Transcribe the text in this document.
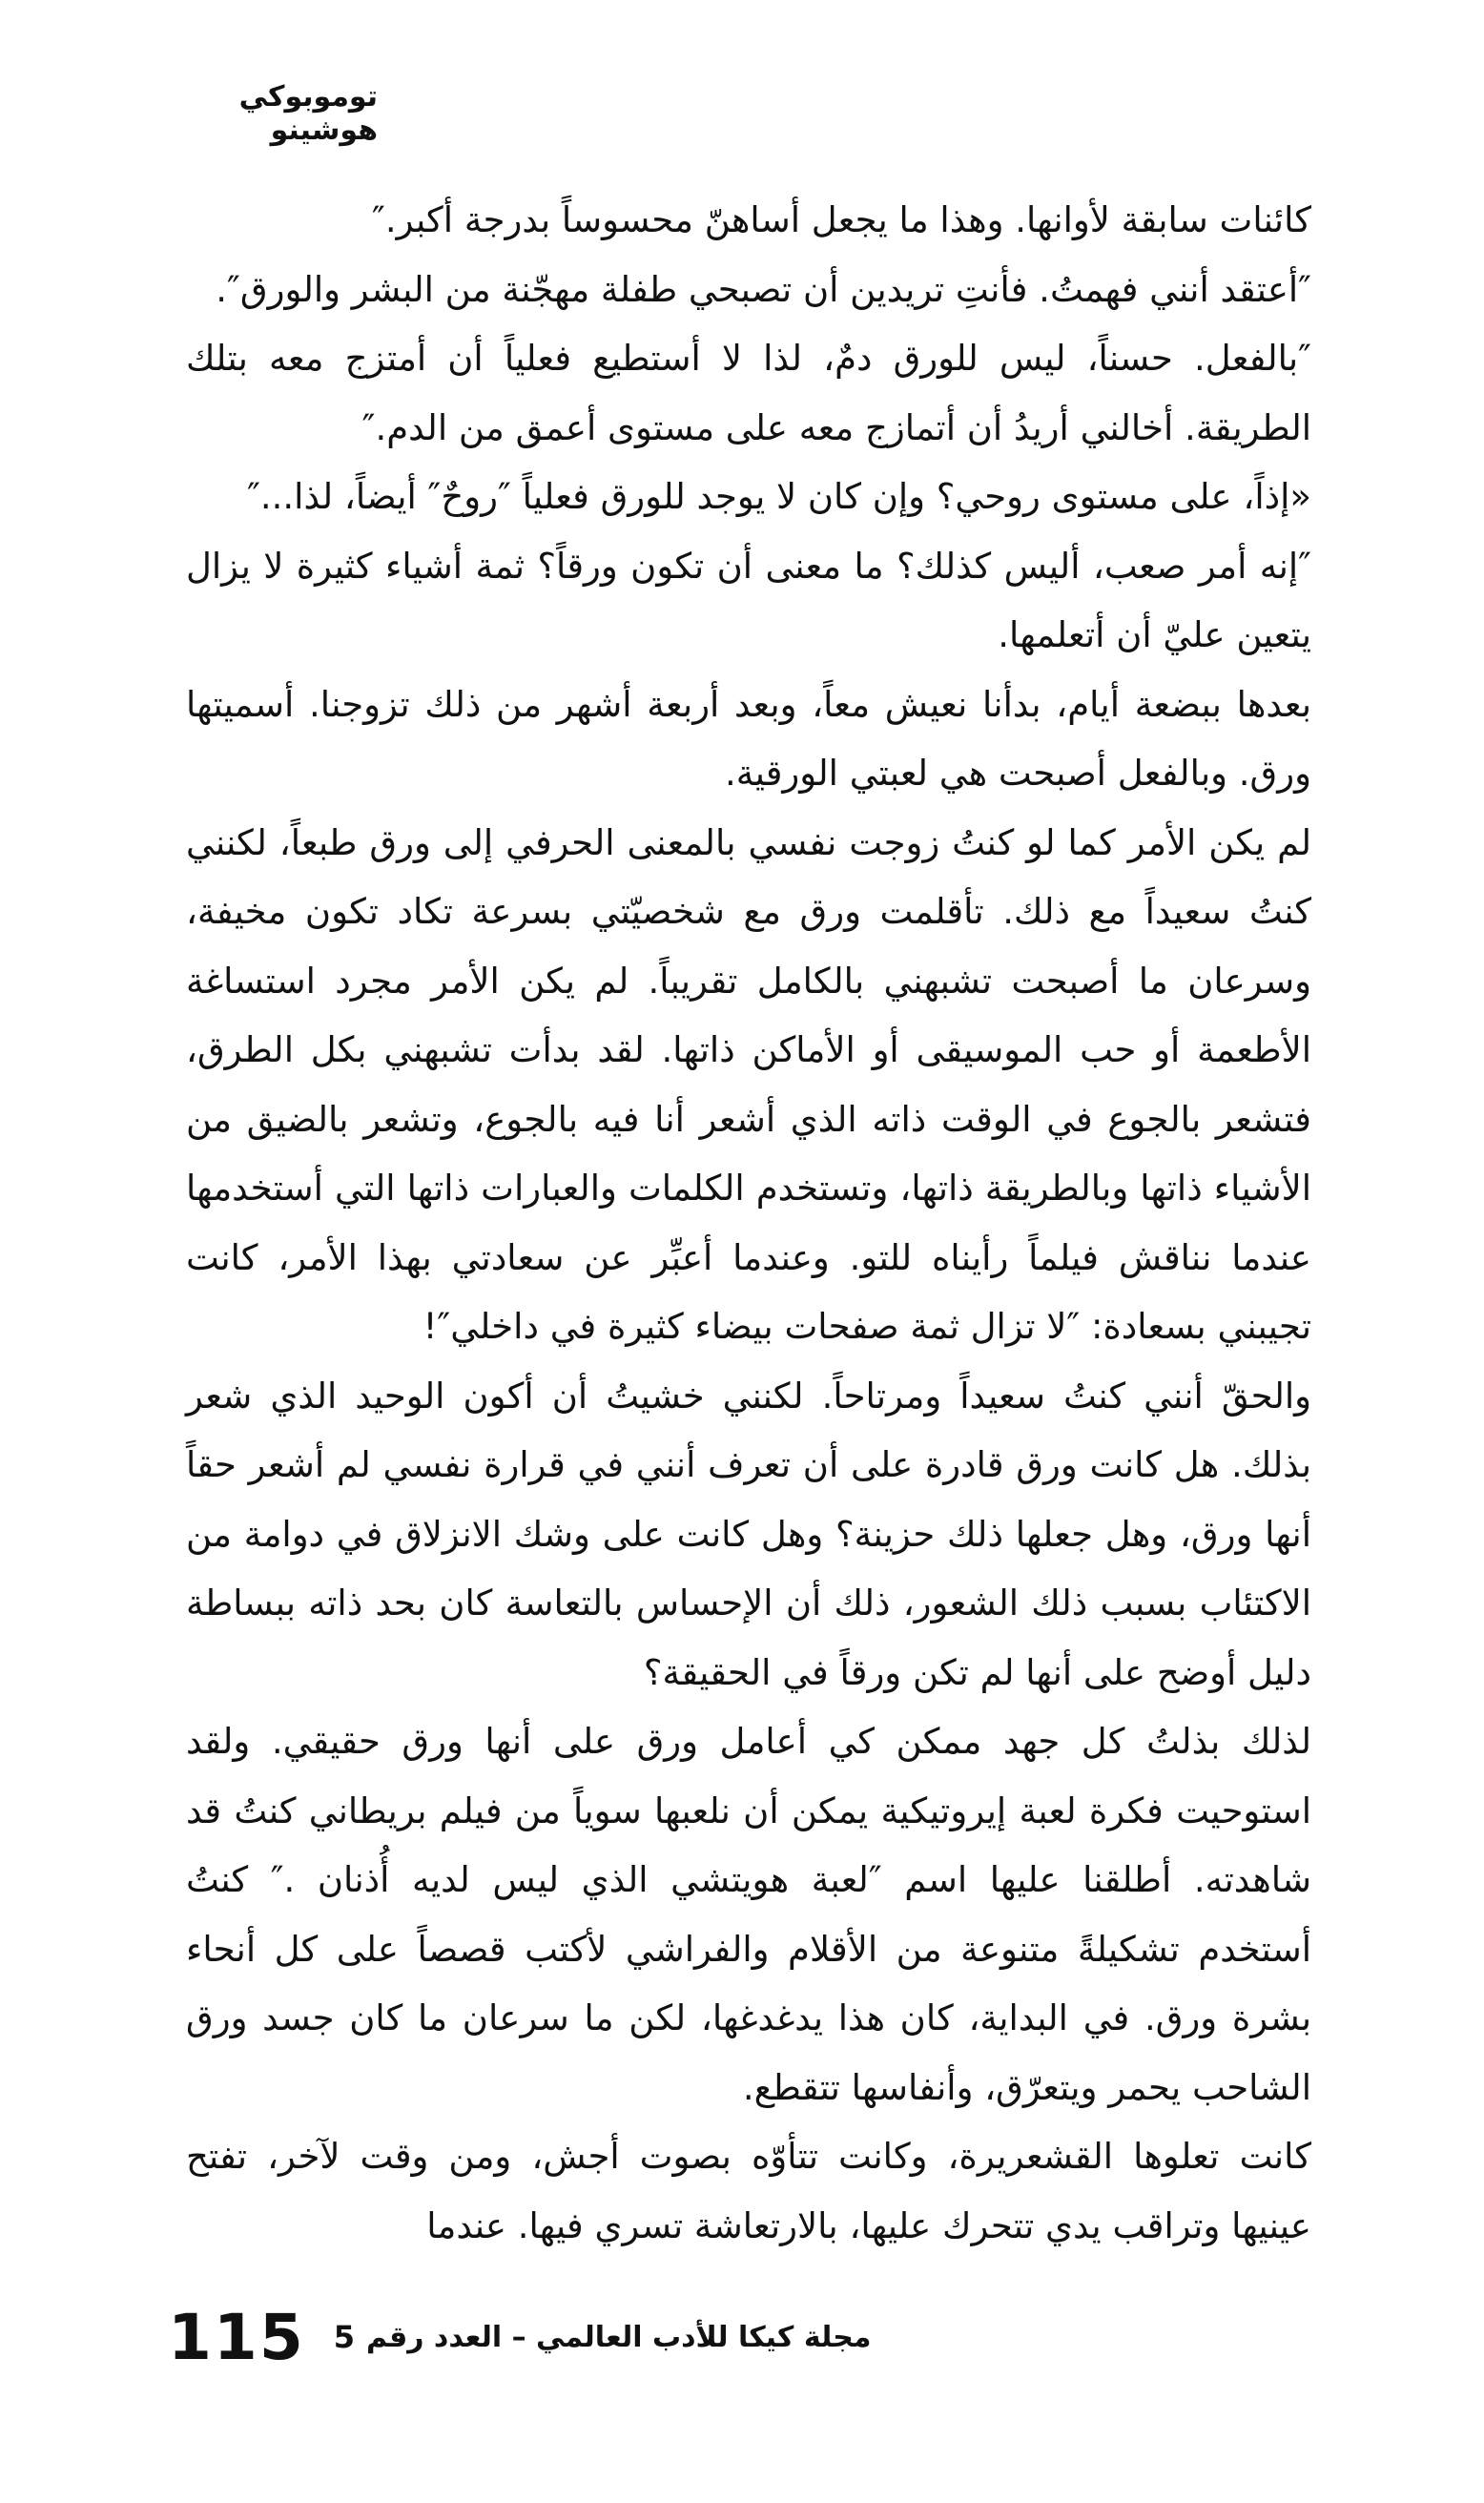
توموبوكي هوشينو

كائنات سابقة لأوانها. وهذا ما يجعل أساهنّ محسوساً بدرجة أكبر.″

″أعتقد أنني فهمتُ. فأنتِ تريدين أن تصبحي طفلة مهجّنة من البشر والورق″.

″بالفعل. حسناً، ليس للورق دمٌ، لذا لا أستطيع فعلياً أن أمتزج معه بتلك الطريقة. أخالني أريدُ أن أتمازج معه على مستوى أعمق من الدم.″

«إذاً، على مستوى روحي؟ وإن كان لا يوجد للورق فعلياً ″روحٌ″ أيضاً، لذا...″

″إنه أمر صعب، أليس كذلك؟ ما معنى أن تكون ورقاً؟ ثمة أشياء كثيرة لا يزال يتعين عليّ أن أتعلمها.

بعدها ببضعة أيام، بدأنا نعيش معاً، وبعد أربعة أشهر من ذلك تزوجنا. أسميتها ورق. وبالفعل أصبحت هي لعبتي الورقية.

لم يكن الأمر كما لو كنتُ زوجت نفسي بالمعنى الحرفي إلى ورق طبعاً، لكنني كنتُ سعيداً مع ذلك. تأقلمت ورق مع شخصيّتي بسرعة تكاد تكون مخيفة، وسرعان ما أصبحت تشبهني بالكامل تقريباً. لم يكن الأمر مجرد استساغة الأطعمة أو حب الموسيقى أو الأماكن ذاتها. لقد بدأت تشبهني بكل الطرق، فتشعر بالجوع في الوقت ذاته الذي أشعر أنا فيه بالجوع، وتشعر بالضيق من الأشياء ذاتها وبالطريقة ذاتها، وتستخدم الكلمات والعبارات ذاتها التي أستخدمها عندما نناقش فيلماً رأيناه للتو. وعندما أعبِّر عن سعادتي بهذا الأمر، كانت تجيبني بسعادة: ″لا تزال ثمة صفحات بيضاء كثيرة في داخلي″!

والحقّ أنني كنتُ سعيداً ومرتاحاً. لكنني خشيتُ أن أكون الوحيد الذي شعر بذلك. هل كانت ورق قادرة على أن تعرف أنني في قرارة نفسي لم أشعر حقاً أنها ورق، وهل جعلها ذلك حزينة؟ وهل كانت على وشك الانزلاق في دوامة من الاكتئاب بسبب ذلك الشعور، ذلك أن الإحساس بالتعاسة كان بحد ذاته ببساطة دليل أوضح على أنها لم تكن ورقاً في الحقيقة؟

لذلك بذلتُ كل جهد ممكن كي أعامل ورق على أنها ورق حقيقي. ولقد استوحيت فكرة لعبة إيروتيكية يمكن أن نلعبها سوياً من فيلم بريطاني كنتُ قد شاهدته. أطلقنا عليها اسم ″لعبة هويتشي الذي ليس لديه أُذنان .″ كنتُ أستخدم تشكيلةً متنوعة من الأقلام والفراشي لأكتب قصصاً على كل أنحاء بشرة ورق. في البداية، كان هذا يدغدغها، لكن ما سرعان ما كان جسد ورق الشاحب يحمر ويتعرّق، وأنفاسها تتقطع.

كانت تعلوها القشعريرة، وكانت تتأوّه بصوت أجش، ومن وقت لآخر، تفتح عينيها وتراقب يدي تتحرك عليها، بالارتعاشة تسري فيها. عندما

115 5 مجلة كيكا للأدب العالمي – العدد رقم
